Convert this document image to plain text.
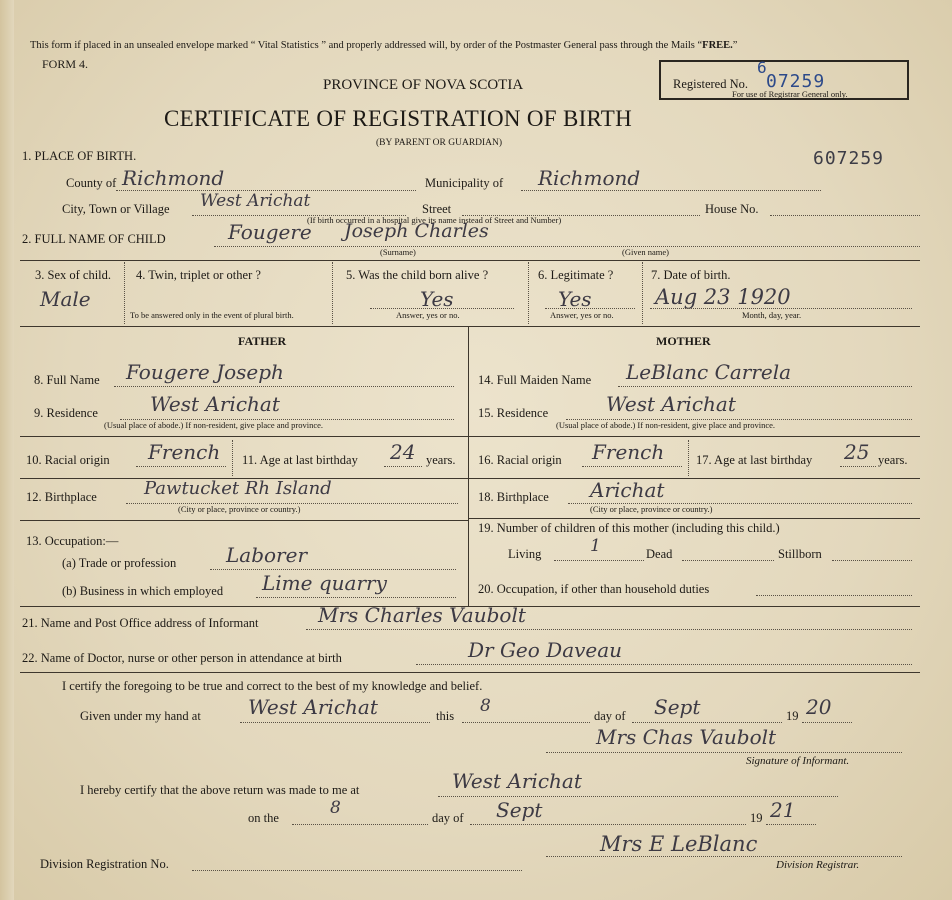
This form if placed in an unsealed envelope marked “ Vital Statistics ” and properly addressed will, by order of the Postmaster General pass through the Mails “FREE.”
FORM 4.
PROVINCE OF NOVA SCOTIA
CERTIFICATE OF REGISTRATION OF BIRTH
(BY PARENT OR GUARDIAN)
Registered No.
6
07259
For use of Registrar General only.
607259
1. PLACE OF BIRTH.
County of Richmond	Municipality of Richmond
City, Town or Village West Arichat	Street	House No.
(If birth occurred in a hospital give its name instead of Street and Number)
2. FULL NAME OF CHILD	Fougere Joseph Charles
(Surname)	(Given name)
3. Sex of child.
Male
4. Twin, triplet or other ?
To be answered only in the event of plural birth.
5. Was the child born alive ?
Yes
Answer, yes or no.
6. Legitimate ?
Yes
Answer, yes or no.
7. Date of birth.
Aug 23 1920
Month, day, year.
FATHER
8. Full Name Fougere Joseph
9. Residence	West Arichat
(Usual place of abode.) If non-resident, give place and province.
10. Racial origin French 11. Age at last birthday 24 years.
12. Birthplace	Pawtucket Rh Island
(City or place, province or country.)
13. Occupation:—
(a) Trade or profession Laborer
(b) Business in which employed Lime quarry
MOTHER
14. Full Maiden Name LeBlanc Carrela
15. Residence	West Arichat
(Usual place of abode.) If non-resident, give place and province.
16. Racial origin French	17. Age at last birthday 25 years.
18. Birthplace Arichat
(City or place, province or country.)
19. Number of children of this mother (including this child.)
Living	1	Dead	Stillborn
20. Occupation, if other than household duties
21. Name and Post Office address of Informant	Mrs Charles Vaubolt
22. Name of Doctor, nurse or other person in attendance at birth	Dr Geo Daveau
I certify the foregoing to be true and correct to the best of my knowledge and belief.
Given under my hand at West Arichat	this 8	day of Sept	19 20
Mrs Chas Vaubolt
Signature of Informant.
I hereby certify that the above return was made to me at	West Arichat
on the	8	day of Sept	19 21
Mrs E LeBlanc
Division Registration No.	Division Registrar.
